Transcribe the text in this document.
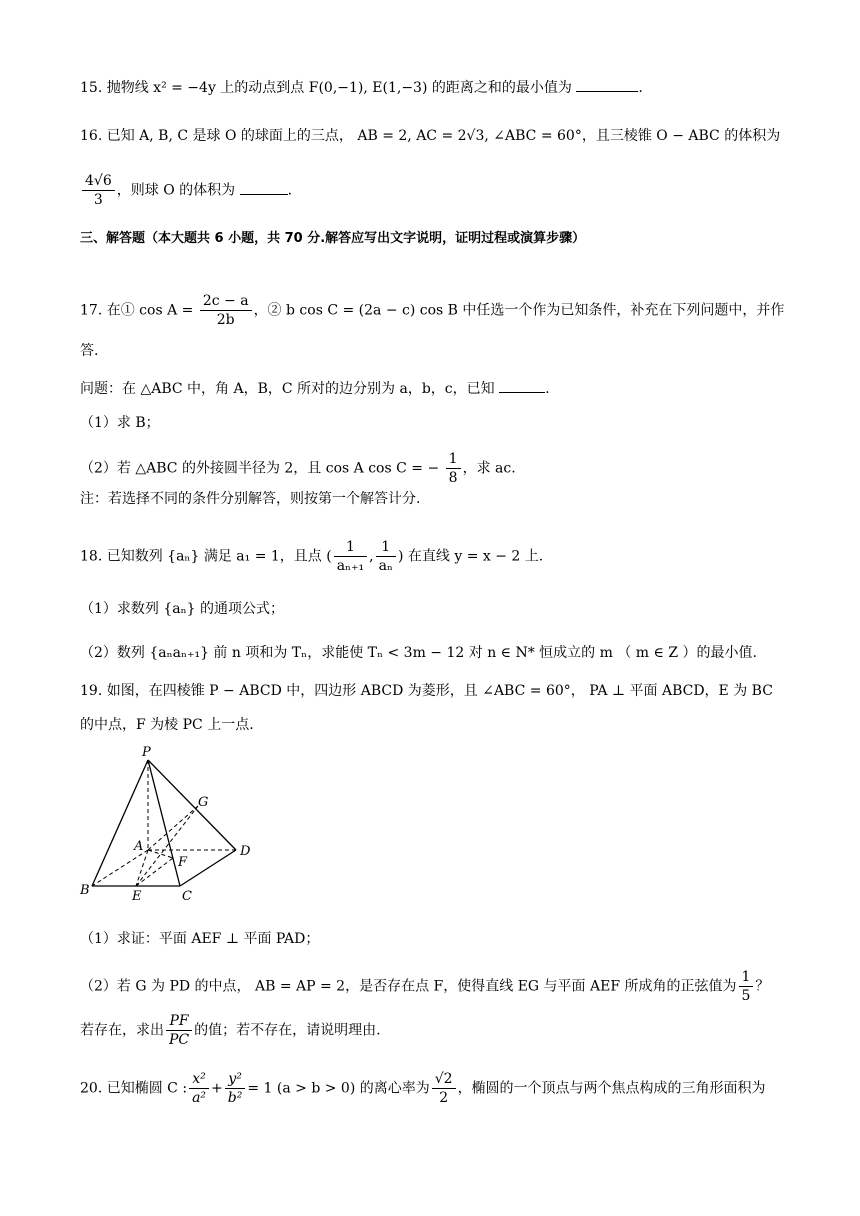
15. 抛物线 x² = −4y 上的动点到点 F(0,−1), E(1,−3) 的距离之和的最小值为	.
16. 已知 A, B, C 是球 O 的球面上的三点， AB = 2, AC = 2√3, ∠ABC = 60°，且三棱锥 O − ABC 的体积为
$\frac{4√6}{3}$ ，则球 O 的体积为	.
三、解答题（本大题共 6 小题，共 70 分.解答应写出文字说明，证明过程或演算步骤）
17. 在① $\cos A = \frac{2c - a}{2b}$ ，② b cos C = (2a − c) cos B 中任选一个作为已知条件，补充在下列问题中，并作
答.
问题：在 △ABC 中，角 A，B，C 所对的边分别为 a，b，c，已知	.
（1）求 B；
（2）若 △ABC 的外接圆半径为 2，且 cos A cos C = − $\frac{1}{8}$ ，求 ac.
注：若选择不同的条件分别解答，则按第一个解答计分.
18. 已知数列 {aₙ} 满足 a₁ = 1，且点 ( $\frac{1}{\text{aₙ₊₁}}$ , $\frac{1}{\text{aₙ}}$ ) 在直线 y = x − 2 上.
（1）求数列 {aₙ} 的通项公式；
（2）数列 {aₙaₙ₊₁} 前 n 项和为 Tₙ，求能使 Tₙ < 3m − 12 对 n ∈ N* 恒成立的 m （ m ∈ Z ）的最小值.
19. 如图，在四棱锥 P − ABCD 中，四边形 ABCD 为菱形，且 ∠ABC = 60°， PA ⊥ 平面 ABCD，E 为 BC
的中点，F 为棱 PC 上一点.
P
A
B	C
D
E
F
G
（1）求证：平面 AEF ⊥ 平面 PAD；
（2）若 G 为 PD 的中点， AB = AP = 2，是否存在点 F，使得直线 EG 与平面 AEF 所成角的正弦值为 $\frac{1}{5}$ ？
若存在，求出 $\frac{PF}{PC}$ 的值；若不存在，请说明理由.
20. 已知椭圆 C : $\frac{\text{x²}}{\text{a²}} + \frac{\text{y²}}{\text{b²}} = 1$ (a > b > 0) 的离心率为 $\frac{√2}{2}$ ，椭圆的一个顶点与两个焦点构成的三角形面积为
